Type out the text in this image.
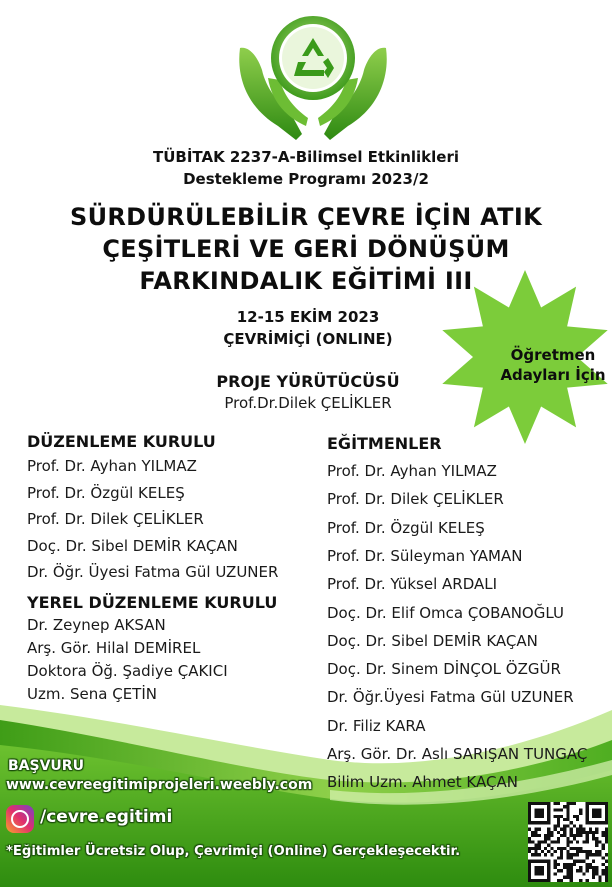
TÜBİTAK 2237-A-Bilimsel Etkinlikleri
Destekleme Programı 2023/2
SÜRDÜRÜLEBİLİR ÇEVRE İÇİN ATIK
ÇEŞİTLERİ VE GERİ DÖNÜŞÜM
FARKINDALIK EĞİTİMİ III
12-15 EKİM 2023
ÇEVRİMİÇİ (ONLINE)
Öğretmen
Adayları İçin
PROJE YÜRÜTÜCÜSÜ
Prof.Dr.Dilek ÇELİKLER
DÜZENLEME KURULU
Prof. Dr. Ayhan YILMAZ
Prof. Dr. Özgül KELEŞ
Prof. Dr. Dilek ÇELİKLER
Doç. Dr. Sibel DEMİR KAÇAN
Dr. Öğr. Üyesi Fatma Gül UZUNER
YEREL DÜZENLEME KURULU
Dr. Zeynep AKSAN
Arş. Gör. Hilal DEMİREL
Doktora Öğ. Şadiye ÇAKICI
Uzm. Sena ÇETİN
EĞİTMENLER
Prof. Dr. Ayhan YILMAZ
Prof. Dr. Dilek ÇELİKLER
Prof. Dr. Özgül KELEŞ
Prof. Dr. Süleyman YAMAN
Prof. Dr. Yüksel ARDALI
Doç. Dr. Elif Omca ÇOBANOĞLU
Doç. Dr. Sibel DEMİR KAÇAN
Doç. Dr. Sinem DİNÇOL ÖZGÜR
Dr. Öğr.Üyesi Fatma Gül UZUNER
Dr. Filiz KARA
Arş. Gör. Dr. Aslı SARIŞAN TUNGAÇ
Bilim Uzm. Ahmet KAÇAN
BAŞVURU
www.cevreegitimiprojeleri.weebly.com
/cevre.egitimi
*Eğitimler Ücretsiz Olup, Çevrimiçi (Online) Gerçekleşecektir.
